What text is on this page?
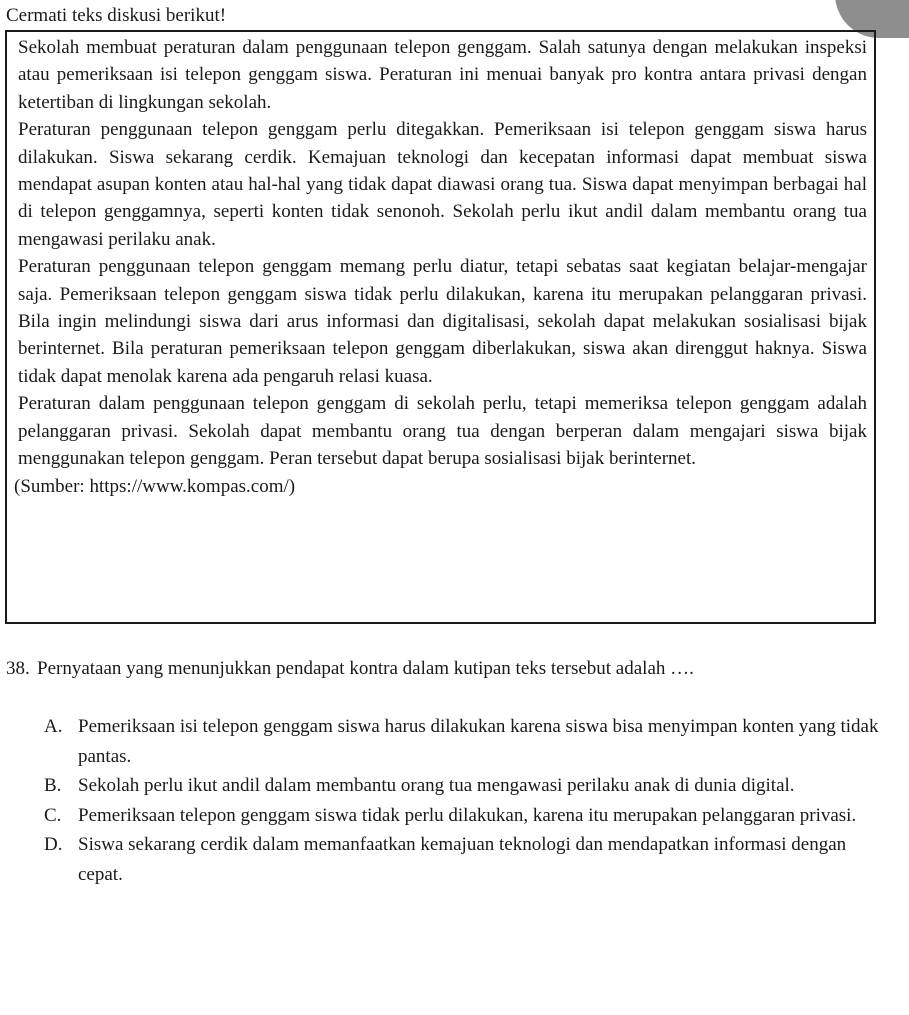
Cermati teks diskusi berikut!

Sekolah membuat peraturan dalam penggunaan telepon genggam. Salah satunya dengan melakukan inspeksi atau pemeriksaan isi telepon genggam siswa. Peraturan ini menuai banyak pro kontra antara privasi dengan ketertiban di lingkungan sekolah.

Peraturan penggunaan telepon genggam perlu ditegakkan. Pemeriksaan isi telepon genggam siswa harus dilakukan. Siswa sekarang cerdik. Kemajuan teknologi dan kecepatan informasi dapat membuat siswa mendapat asupan konten atau hal-hal yang tidak dapat diawasi orang tua. Siswa dapat menyimpan berbagai hal di telepon genggamnya, seperti konten tidak senonoh. Sekolah perlu ikut andil dalam membantu orang tua mengawasi perilaku anak.

Peraturan penggunaan telepon genggam memang perlu diatur, tetapi sebatas saat kegiatan belajar-mengajar saja. Pemeriksaan telepon genggam siswa tidak perlu dilakukan, karena itu merupakan pelanggaran privasi. Bila ingin melindungi siswa dari arus informasi dan digitalisasi, sekolah dapat melakukan sosialisasi bijak berinternet. Bila peraturan pemeriksaan telepon genggam diberlakukan, siswa akan direnggut haknya. Siswa tidak dapat menolak karena ada pengaruh relasi kuasa.

Peraturan dalam penggunaan telepon genggam di sekolah perlu, tetapi memeriksa telepon genggam adalah pelanggaran privasi. Sekolah dapat membantu orang tua dengan berperan dalam mengajari siswa bijak menggunakan telepon genggam. Peran tersebut dapat berupa sosialisasi bijak berinternet.

(Sumber: https://www.kompas.com/)

38. Pernyataan yang menunjukkan pendapat kontra dalam kutipan teks tersebut adalah ….
A. Pemeriksaan isi telepon genggam siswa harus dilakukan karena siswa bisa menyimpan konten yang tidak pantas.
B. Sekolah perlu ikut andil dalam membantu orang tua mengawasi perilaku anak di dunia digital.
C. Pemeriksaan telepon genggam siswa tidak perlu dilakukan, karena itu merupakan pelanggaran privasi.
D. Siswa sekarang cerdik dalam memanfaatkan kemajuan teknologi dan mendapatkan informasi dengan cepat.
